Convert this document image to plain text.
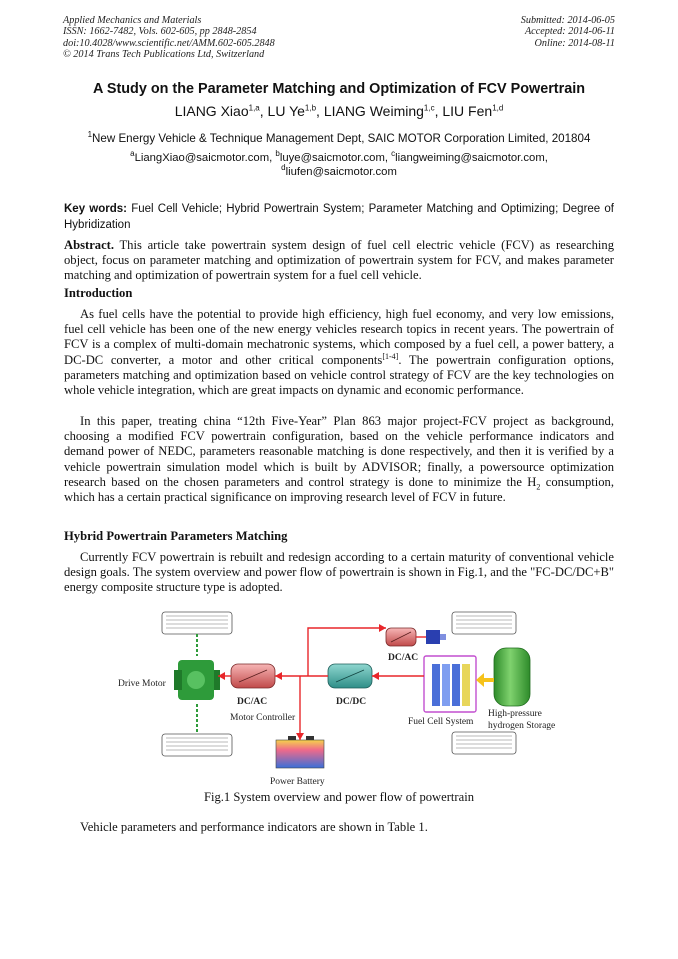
Applied Mechanics and Materials
ISSN: 1662-7482, Vols. 602-605, pp 2848-2854
doi:10.4028/www.scientific.net/AMM.602-605.2848
© 2014 Trans Tech Publications Ltd, Switzerland
Submitted: 2014-06-05
Accepted: 2014-06-11
Online: 2014-08-11
A Study on the Parameter Matching and Optimization of FCV Powertrain
LIANG Xiao$^{1,a}$, LU Ye$^{1,b}$, LIANG Weiming$^{1,c}$, LIU Fen$^{1,d}$
$^1$New Energy Vehicle & Technique Management Dept, SAIC MOTOR Corporation Limited, 201804
$^a$LiangXiao@saicmotor.com, $^b$luye@saicmotor.com, $^c$liangweiming@saicmotor.com,
$^d$liufen@saicmotor.com
Key words: Fuel Cell Vehicle; Hybrid Powertrain System; Parameter Matching and Optimizing; Degree of Hybridization
Abstract. This article take powertrain system design of fuel cell electric vehicle (FCV) as researching object, focus on parameter matching and optimization of powertrain system for FCV, and makes parameter matching and optimization of powertrain system for a fuel cell vehicle.
Introduction
As fuel cells have the potential to provide high efficiency, high fuel economy, and very low emissions, fuel cell vehicle has been one of the new energy vehicles research topics in recent years. The powertrain of FCV is a complex of multi-domain mechatronic systems, which composed by a fuel cell, a power battery, a DC-DC converter, a motor and other critical components[1-4]. The powertrain configuration options, parameters matching and optimization based on vehicle control strategy of FCV are the key technologies on whole vehicle integration, which are great impacts on dynamic and economic performance.
In this paper, treating china “12th Five-Year” Plan 863 major project-FCV project as background, choosing a modified FCV powertrain configuration, based on the vehicle performance indicators and demand power of NEDC, parameters reasonable matching is done respectively, and then it is verified by a vehicle powertrain simulation model which is built by ADVISOR; finally, a powersource optimization research based on the chosen parameters and control strategy is done to minimize the $H_2$ consumption, which has a certain practical significance on improving research level of FCV in future.
Hybrid Powertrain Parameters Matching
Currently FCV powertrain is rebuilt and redesign according to a certain maturity of conventional vehicle design goals. The system overview and power flow of powertrain is shown in Fig.1, and the "FC-DC/DC+B" energy composite structure type is adopted.
Drive Motor
DC/AC
Motor Controller
DC/DC
DC/AC
Fuel Cell System
High-pressure
hydrogen Storage
Power Battery
Fig.1 System overview and power flow of powertrain
Vehicle parameters and performance indicators are shown in Table 1.
